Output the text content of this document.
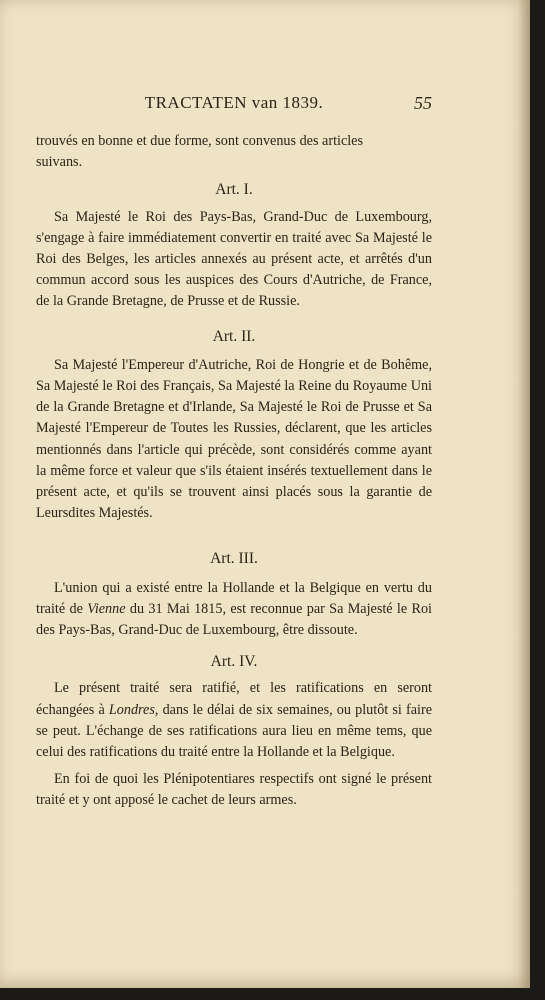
TRACTATEN van 1839.	55

trouvés en bonne et due forme, sont convenus des articles
suivans.

Art. I.

Sa Majesté le Roi des Pays-Bas, Grand-Duc de Luxembourg, s'engage à faire immédiatement convertir en traité avec Sa Majesté le Roi des Belges, les articles annexés au présent acte, et arrêtés d'un commun accord sous les auspices des Cours d'Autriche, de France, de la Grande Bretagne, de Prusse et de Russie.

Art. II.

Sa Majesté l'Empereur d'Autriche, Roi de Hongrie et de Bohême, Sa Majesté le Roi des Français, Sa Majesté la Reine du Royaume Uni de la Grande Bretagne et d'Irlande, Sa Majesté le Roi de Prusse et Sa Majesté l'Empereur de Toutes les Russies, déclarent, que les articles mentionnés dans l'article qui précède, sont considérés comme ayant la même force et valeur que s'ils étaient insérés textuellement dans le présent acte, et qu'ils se trouvent ainsi placés sous la garantie de Leursdites Majestés.

Art. III.

L'union qui a existé entre la Hollande et la Belgique en vertu du traité de Vienne du 31 Mai 1815, est reconnue par Sa Majesté le Roi des Pays-Bas, Grand-Duc de Luxembourg, être dissoute.

Art. IV.

Le présent traité sera ratifié, et les ratifications en seront échangées à Londres, dans le délai de six semaines, ou plutôt si faire se peut. L'échange de ses ratifications aura lieu en même tems, que celui des ratifications du traité entre la Hollande et la Belgique.

En foi de quoi les Plénipotentiares respectifs ont signé le présent traité et y ont apposé le cachet de leurs armes.
